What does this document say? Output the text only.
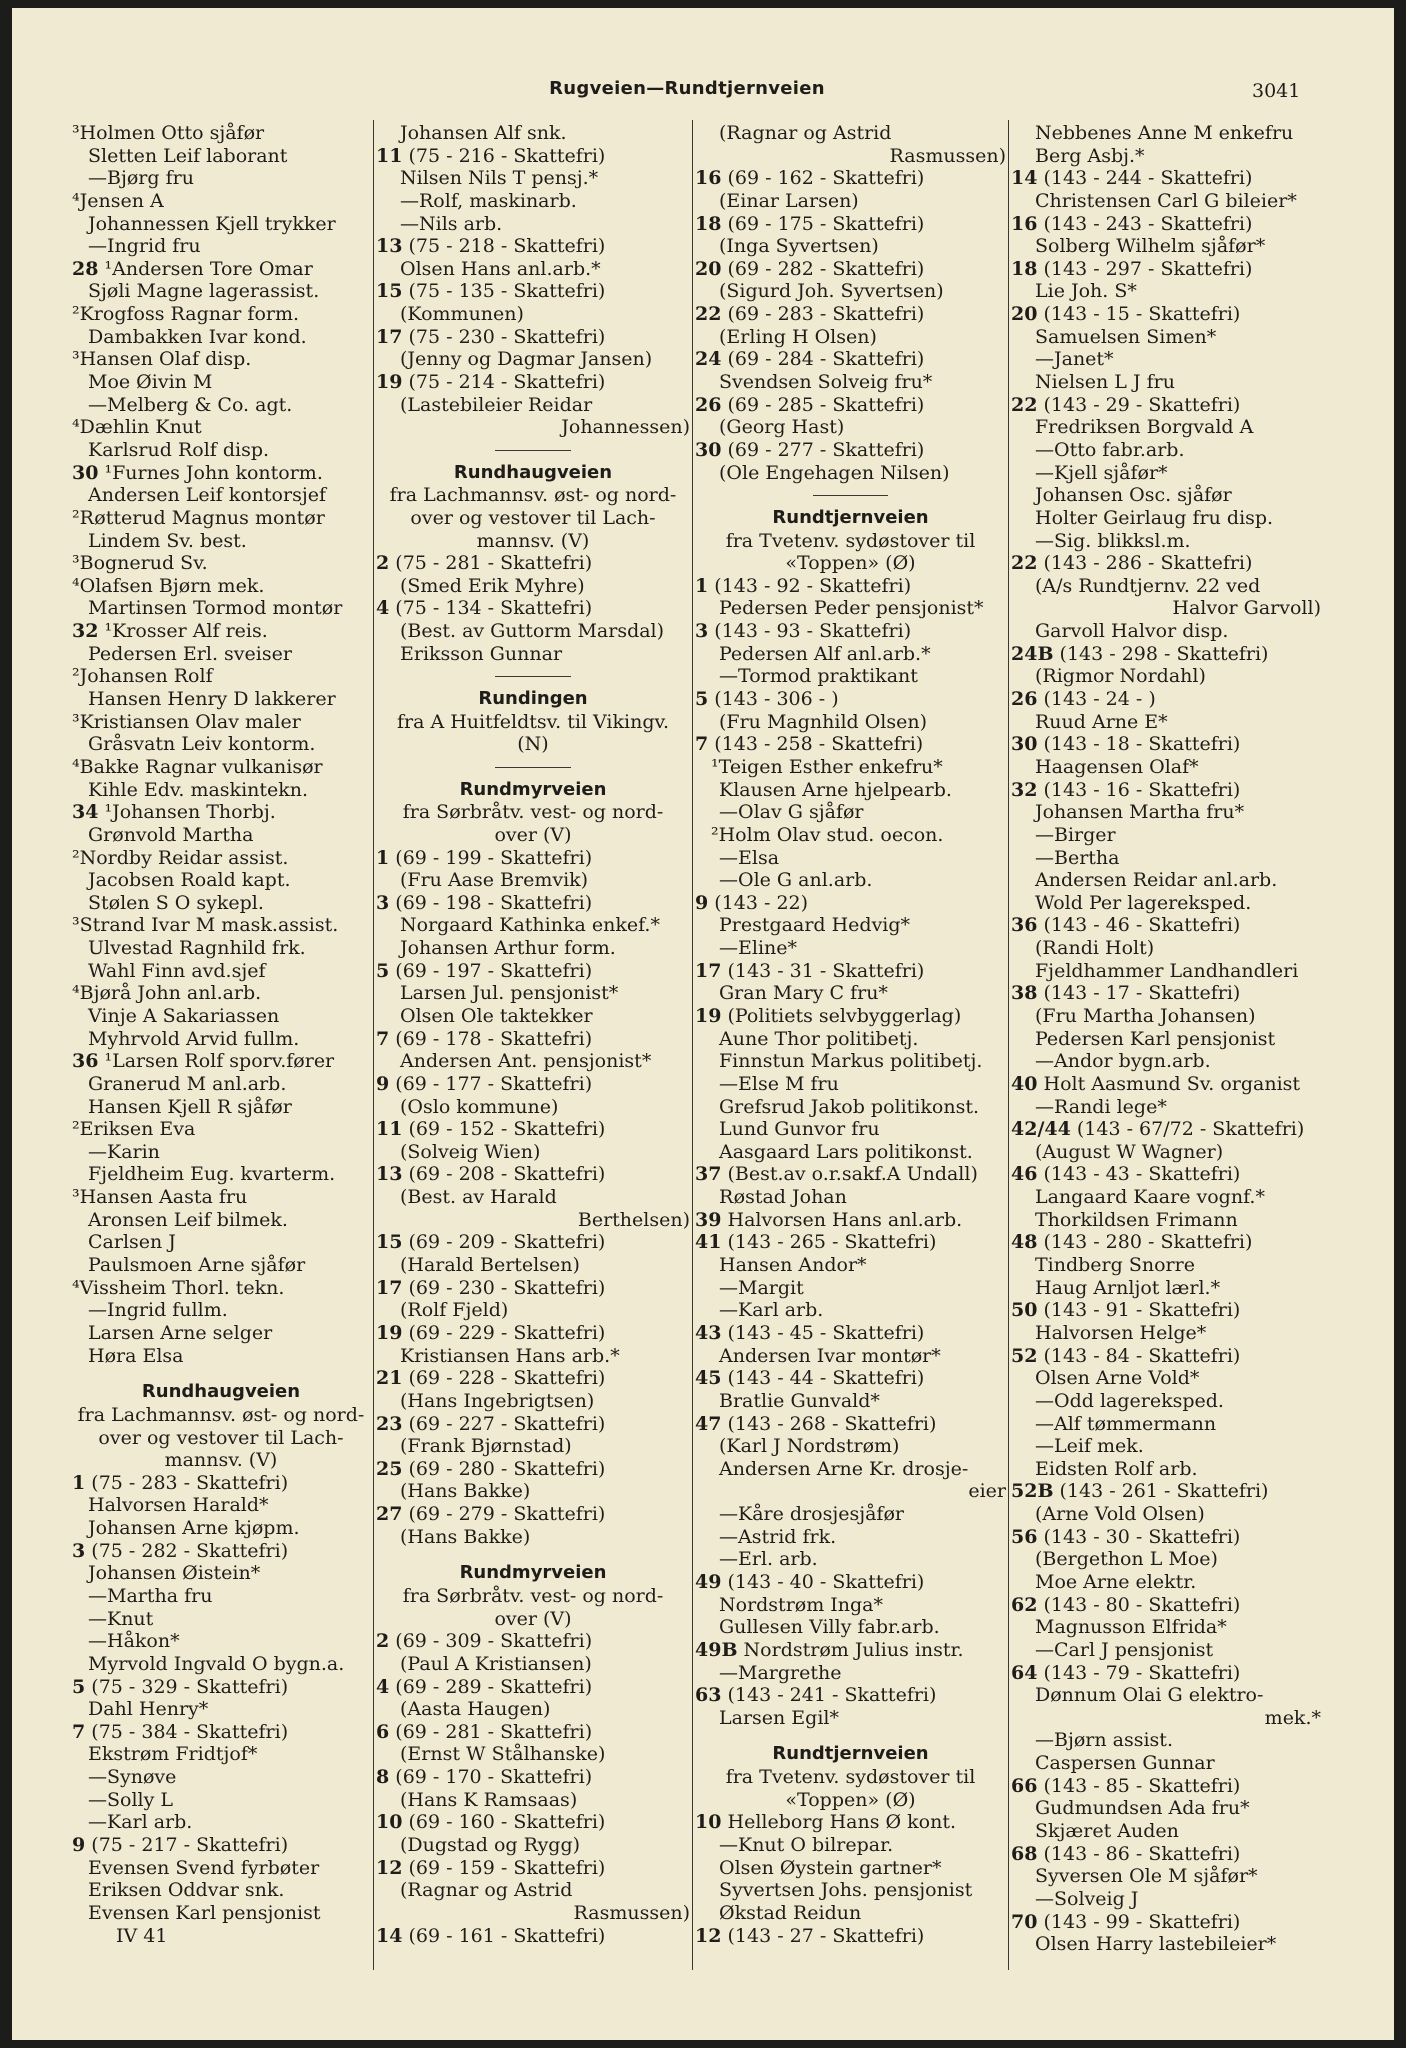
Rugveien—Rundtjernveien	3041
³Holmen Otto sjåfør
Sletten Leif laborant
—Bjørg fru
⁴Jensen A
Johannessen Kjell trykker
—Ingrid fru
28 ¹Andersen Tore Omar
Sjøli Magne lagerassist.
²Krogfoss Ragnar form.
Dambakken Ivar kond.
³Hansen Olaf disp.
Moe Øivin M
—Melberg & Co. agt.
⁴Dæhlin Knut
Karlsrud Rolf disp.
30 ¹Furnes John kontorm.
Andersen Leif kontorsjef
²Røtterud Magnus montør
Lindem Sv. best.
³Bognerud Sv.
⁴Olafsen Bjørn mek.
Martinsen Tormod montør
32 ¹Krosser Alf reis.
Pedersen Erl. sveiser
²Johansen Rolf
Hansen Henry D lakkerer
³Kristiansen Olav maler
Gråsvatn Leiv kontorm.
⁴Bakke Ragnar vulkanisør
Kihle Edv. maskintekn.
34 ¹Johansen Thorbj.
Grønvold Martha
²Nordby Reidar assist.
Jacobsen Roald kapt.
Stølen S O sykepl.
³Strand Ivar M mask.assist.
Ulvestad Ragnhild frk.
Wahl Finn avd.sjef
⁴Bjørå John anl.arb.
Vinje A Sakariassen
Myhrvold Arvid fullm.
36 ¹Larsen Rolf sporv.fører
Granerud M anl.arb.
Hansen Kjell R sjåfør
²Eriksen Eva
—Karin
Fjeldheim Eug. kvarterm.
³Hansen Aasta fru
Aronsen Leif bilmek.
Carlsen J
Paulsmoen Arne sjåfør
⁴Vissheim Thorl. tekn.
—Ingrid fullm.
Larsen Arne selger
Høra Elsa
Rundhaugveien
fra Lachmannsv. øst- og nord-
over og vestover til Lach-
mannsv. (V)
1 (75 - 283 - Skattefri)
Halvorsen Harald*
Johansen Arne kjøpm.
3 (75 - 282 - Skattefri)
Johansen Øistein*
—Martha fru
—Knut
—Håkon*
Myrvold Ingvald O bygn.a.
5 (75 - 329 - Skattefri)
Dahl Henry*
7 (75 - 384 - Skattefri)
Ekstrøm Fridtjof*
—Synøve
—Solly L
—Karl arb.
9 (75 - 217 - Skattefri)
Evensen Svend fyrbøter
Eriksen Oddvar snk.
Evensen Karl pensjonist
IV 41
Johansen Alf snk.
11 (75 - 216 - Skattefri)
Nilsen Nils T pensj.*
—Rolf, maskinarb.
—Nils arb.
13 (75 - 218 - Skattefri)
Olsen Hans anl.arb.*
15 (75 - 135 - Skattefri)
(Kommunen)
17 (75 - 230 - Skattefri)
(Jenny og Dagmar Jansen)
19 (75 - 214 - Skattefri)
(Lastebileier Reidar
Johannessen)
Rundhaugveien
fra Lachmannsv. øst- og nord-
over og vestover til Lach-
mannsv. (V)
2 (75 - 281 - Skattefri)
(Smed Erik Myhre)
4 (75 - 134 - Skattefri)
(Best. av Guttorm Marsdal)
Eriksson Gunnar
Rundingen
fra A Huitfeldtsv. til Vikingv.
(N)
Rundmyrveien
fra Sørbråtv. vest- og nord-
over (V)
1 (69 - 199 - Skattefri)
(Fru Aase Bremvik)
3 (69 - 198 - Skattefri)
Norgaard Kathinka enkef.*
Johansen Arthur form.
5 (69 - 197 - Skattefri)
Larsen Jul. pensjonist*
Olsen Ole taktekker
7 (69 - 178 - Skattefri)
Andersen Ant. pensjonist*
9 (69 - 177 - Skattefri)
(Oslo kommune)
11 (69 - 152 - Skattefri)
(Solveig Wien)
13 (69 - 208 - Skattefri)
(Best. av Harald
Berthelsen)
15 (69 - 209 - Skattefri)
(Harald Bertelsen)
17 (69 - 230 - Skattefri)
(Rolf Fjeld)
19 (69 - 229 - Skattefri)
Kristiansen Hans arb.*
21 (69 - 228 - Skattefri)
(Hans Ingebrigtsen)
23 (69 - 227 - Skattefri)
(Frank Bjørnstad)
25 (69 - 280 - Skattefri)
(Hans Bakke)
27 (69 - 279 - Skattefri)
(Hans Bakke)
Rundmyrveien
fra Sørbråtv. vest- og nord-
over (V)
2 (69 - 309 - Skattefri)
(Paul A Kristiansen)
4 (69 - 289 - Skattefri)
(Aasta Haugen)
6 (69 - 281 - Skattefri)
(Ernst W Stålhanske)
8 (69 - 170 - Skattefri)
(Hans K Ramsaas)
10 (69 - 160 - Skattefri)
(Dugstad og Rygg)
12 (69 - 159 - Skattefri)
(Ragnar og Astrid
Rasmussen)
14 (69 - 161 - Skattefri)
(Ragnar og Astrid
Rasmussen)
16 (69 - 162 - Skattefri)
(Einar Larsen)
18 (69 - 175 - Skattefri)
(Inga Syvertsen)
20 (69 - 282 - Skattefri)
(Sigurd Joh. Syvertsen)
22 (69 - 283 - Skattefri)
(Erling H Olsen)
24 (69 - 284 - Skattefri)
Svendsen Solveig fru*
26 (69 - 285 - Skattefri)
(Georg Hast)
30 (69 - 277 - Skattefri)
(Ole Engehagen Nilsen)
Rundtjernveien
fra Tvetenv. sydøstover til
«Toppen» (Ø)
1 (143 - 92 - Skattefri)
Pedersen Peder pensjonist*
3 (143 - 93 - Skattefri)
Pedersen Alf anl.arb.*
—Tormod praktikant
5 (143 - 306 - )
(Fru Magnhild Olsen)
7 (143 - 258 - Skattefri)
¹Teigen Esther enkefru*
Klausen Arne hjelpearb.
—Olav G sjåfør
²Holm Olav stud. oecon.
—Elsa
—Ole G anl.arb.
9 (143 - 22)
Prestgaard Hedvig*
—Eline*
17 (143 - 31 - Skattefri)
Gran Mary C fru*
19 (Politiets selvbyggerlag)
Aune Thor politibetj.
Finnstun Markus politibetj.
—Else M fru
Grefsrud Jakob politikonst.
Lund Gunvor fru
Aasgaard Lars politikonst.
37 (Best.av o.r.sakf.A Undall)
Røstad Johan
39 Halvorsen Hans anl.arb.
41 (143 - 265 - Skattefri)
Hansen Andor*
—Margit
—Karl arb.
43 (143 - 45 - Skattefri)
Andersen Ivar montør*
45 (143 - 44 - Skattefri)
Bratlie Gunvald*
47 (143 - 268 - Skattefri)
(Karl J Nordstrøm)
Andersen Arne Kr. drosje-
eier
—Kåre drosjesjåfør
—Astrid frk.
—Erl. arb.
49 (143 - 40 - Skattefri)
Nordstrøm Inga*
Gullesen Villy fabr.arb.
49B Nordstrøm Julius instr.
—Margrethe
63 (143 - 241 - Skattefri)
Larsen Egil*
Rundtjernveien
fra Tvetenv. sydøstover til
«Toppen» (Ø)
10 Helleborg Hans Ø kont.
—Knut O bilrepar.
Olsen Øystein gartner*
Syvertsen Johs. pensjonist
Økstad Reidun
12 (143 - 27 - Skattefri)
Nebbenes Anne M enkefru
Berg Asbj.*
14 (143 - 244 - Skattefri)
Christensen Carl G bileier*
16 (143 - 243 - Skattefri)
Solberg Wilhelm sjåfør*
18 (143 - 297 - Skattefri)
Lie Joh. S*
20 (143 - 15 - Skattefri)
Samuelsen Simen*
—Janet*
Nielsen L J fru
22 (143 - 29 - Skattefri)
Fredriksen Borgvald A
—Otto fabr.arb.
—Kjell sjåfør*
Johansen Osc. sjåfør
Holter Geirlaug fru disp.
—Sig. blikksl.m.
22 (143 - 286 - Skattefri)
(A/s Rundtjernv. 22 ved
Halvor Garvoll)
Garvoll Halvor disp.
24B (143 - 298 - Skattefri)
(Rigmor Nordahl)
26 (143 - 24 - )
Ruud Arne E*
30 (143 - 18 - Skattefri)
Haagensen Olaf*
32 (143 - 16 - Skattefri)
Johansen Martha fru*
—Birger
—Bertha
Andersen Reidar anl.arb.
Wold Per lagereksped.
36 (143 - 46 - Skattefri)
(Randi Holt)
Fjeldhammer Landhandleri
38 (143 - 17 - Skattefri)
(Fru Martha Johansen)
Pedersen Karl pensjonist
—Andor bygn.arb.
40 Holt Aasmund Sv. organist
—Randi lege*
42/44 (143 - 67/72 - Skattefri)
(August W Wagner)
46 (143 - 43 - Skattefri)
Langaard Kaare vognf.*
Thorkildsen Frimann
48 (143 - 280 - Skattefri)
Tindberg Snorre
Haug Arnljot lærl.*
50 (143 - 91 - Skattefri)
Halvorsen Helge*
52 (143 - 84 - Skattefri)
Olsen Arne Vold*
—Odd lagereksped.
—Alf tømmermann
—Leif mek.
Eidsten Rolf arb.
52B (143 - 261 - Skattefri)
(Arne Vold Olsen)
56 (143 - 30 - Skattefri)
(Bergethon L Moe)
Moe Arne elektr.
62 (143 - 80 - Skattefri)
Magnusson Elfrida*
—Carl J pensjonist
64 (143 - 79 - Skattefri)
Dønnum Olai G elektro-
mek.*
—Bjørn assist.
Caspersen Gunnar
66 (143 - 85 - Skattefri)
Gudmundsen Ada fru*
Skjæret Auden
68 (143 - 86 - Skattefri)
Syversen Ole M sjåfør*
—Solveig J
70 (143 - 99 - Skattefri)
Olsen Harry lastebileier*
